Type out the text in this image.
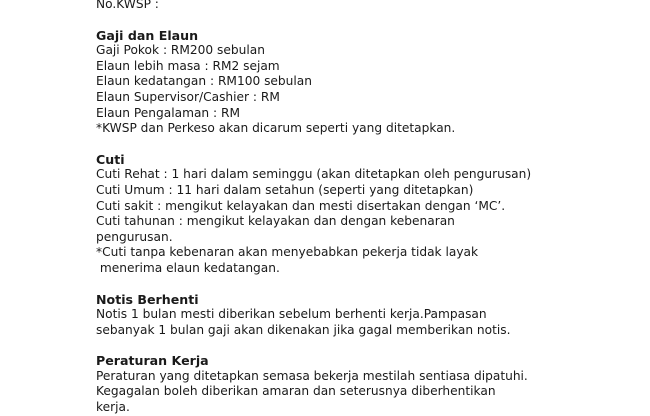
No.KWSP :
Gaji dan Elaun
Gaji Pokok : RM200 sebulan
Elaun lebih masa : RM2 sejam
Elaun kedatangan : RM100 sebulan
Elaun Supervisor/Cashier : RM
Elaun Pengalaman : RM
*KWSP dan Perkeso akan dicarum seperti yang ditetapkan.
Cuti
Cuti Rehat : 1 hari dalam seminggu (akan ditetapkan oleh pengurusan)
Cuti Umum : 11 hari dalam setahun (seperti yang ditetapkan)
Cuti sakit : mengikut kelayakan dan mesti disertakan dengan ‘MC’.
Cuti tahunan : mengikut kelayakan dan dengan kebenaran
pengurusan.
*Cuti tanpa kebenaran akan menyebabkan pekerja tidak layak
menerima elaun kedatangan.
Notis Berhenti
Notis 1 bulan mesti diberikan sebelum berhenti kerja.Pampasan
sebanyak 1 bulan gaji akan dikenakan jika gagal memberikan notis.
Peraturan Kerja
Peraturan yang ditetapkan semasa bekerja mestilah sentiasa dipatuhi.
Kegagalan boleh diberikan amaran dan seterusnya diberhentikan
kerja.
